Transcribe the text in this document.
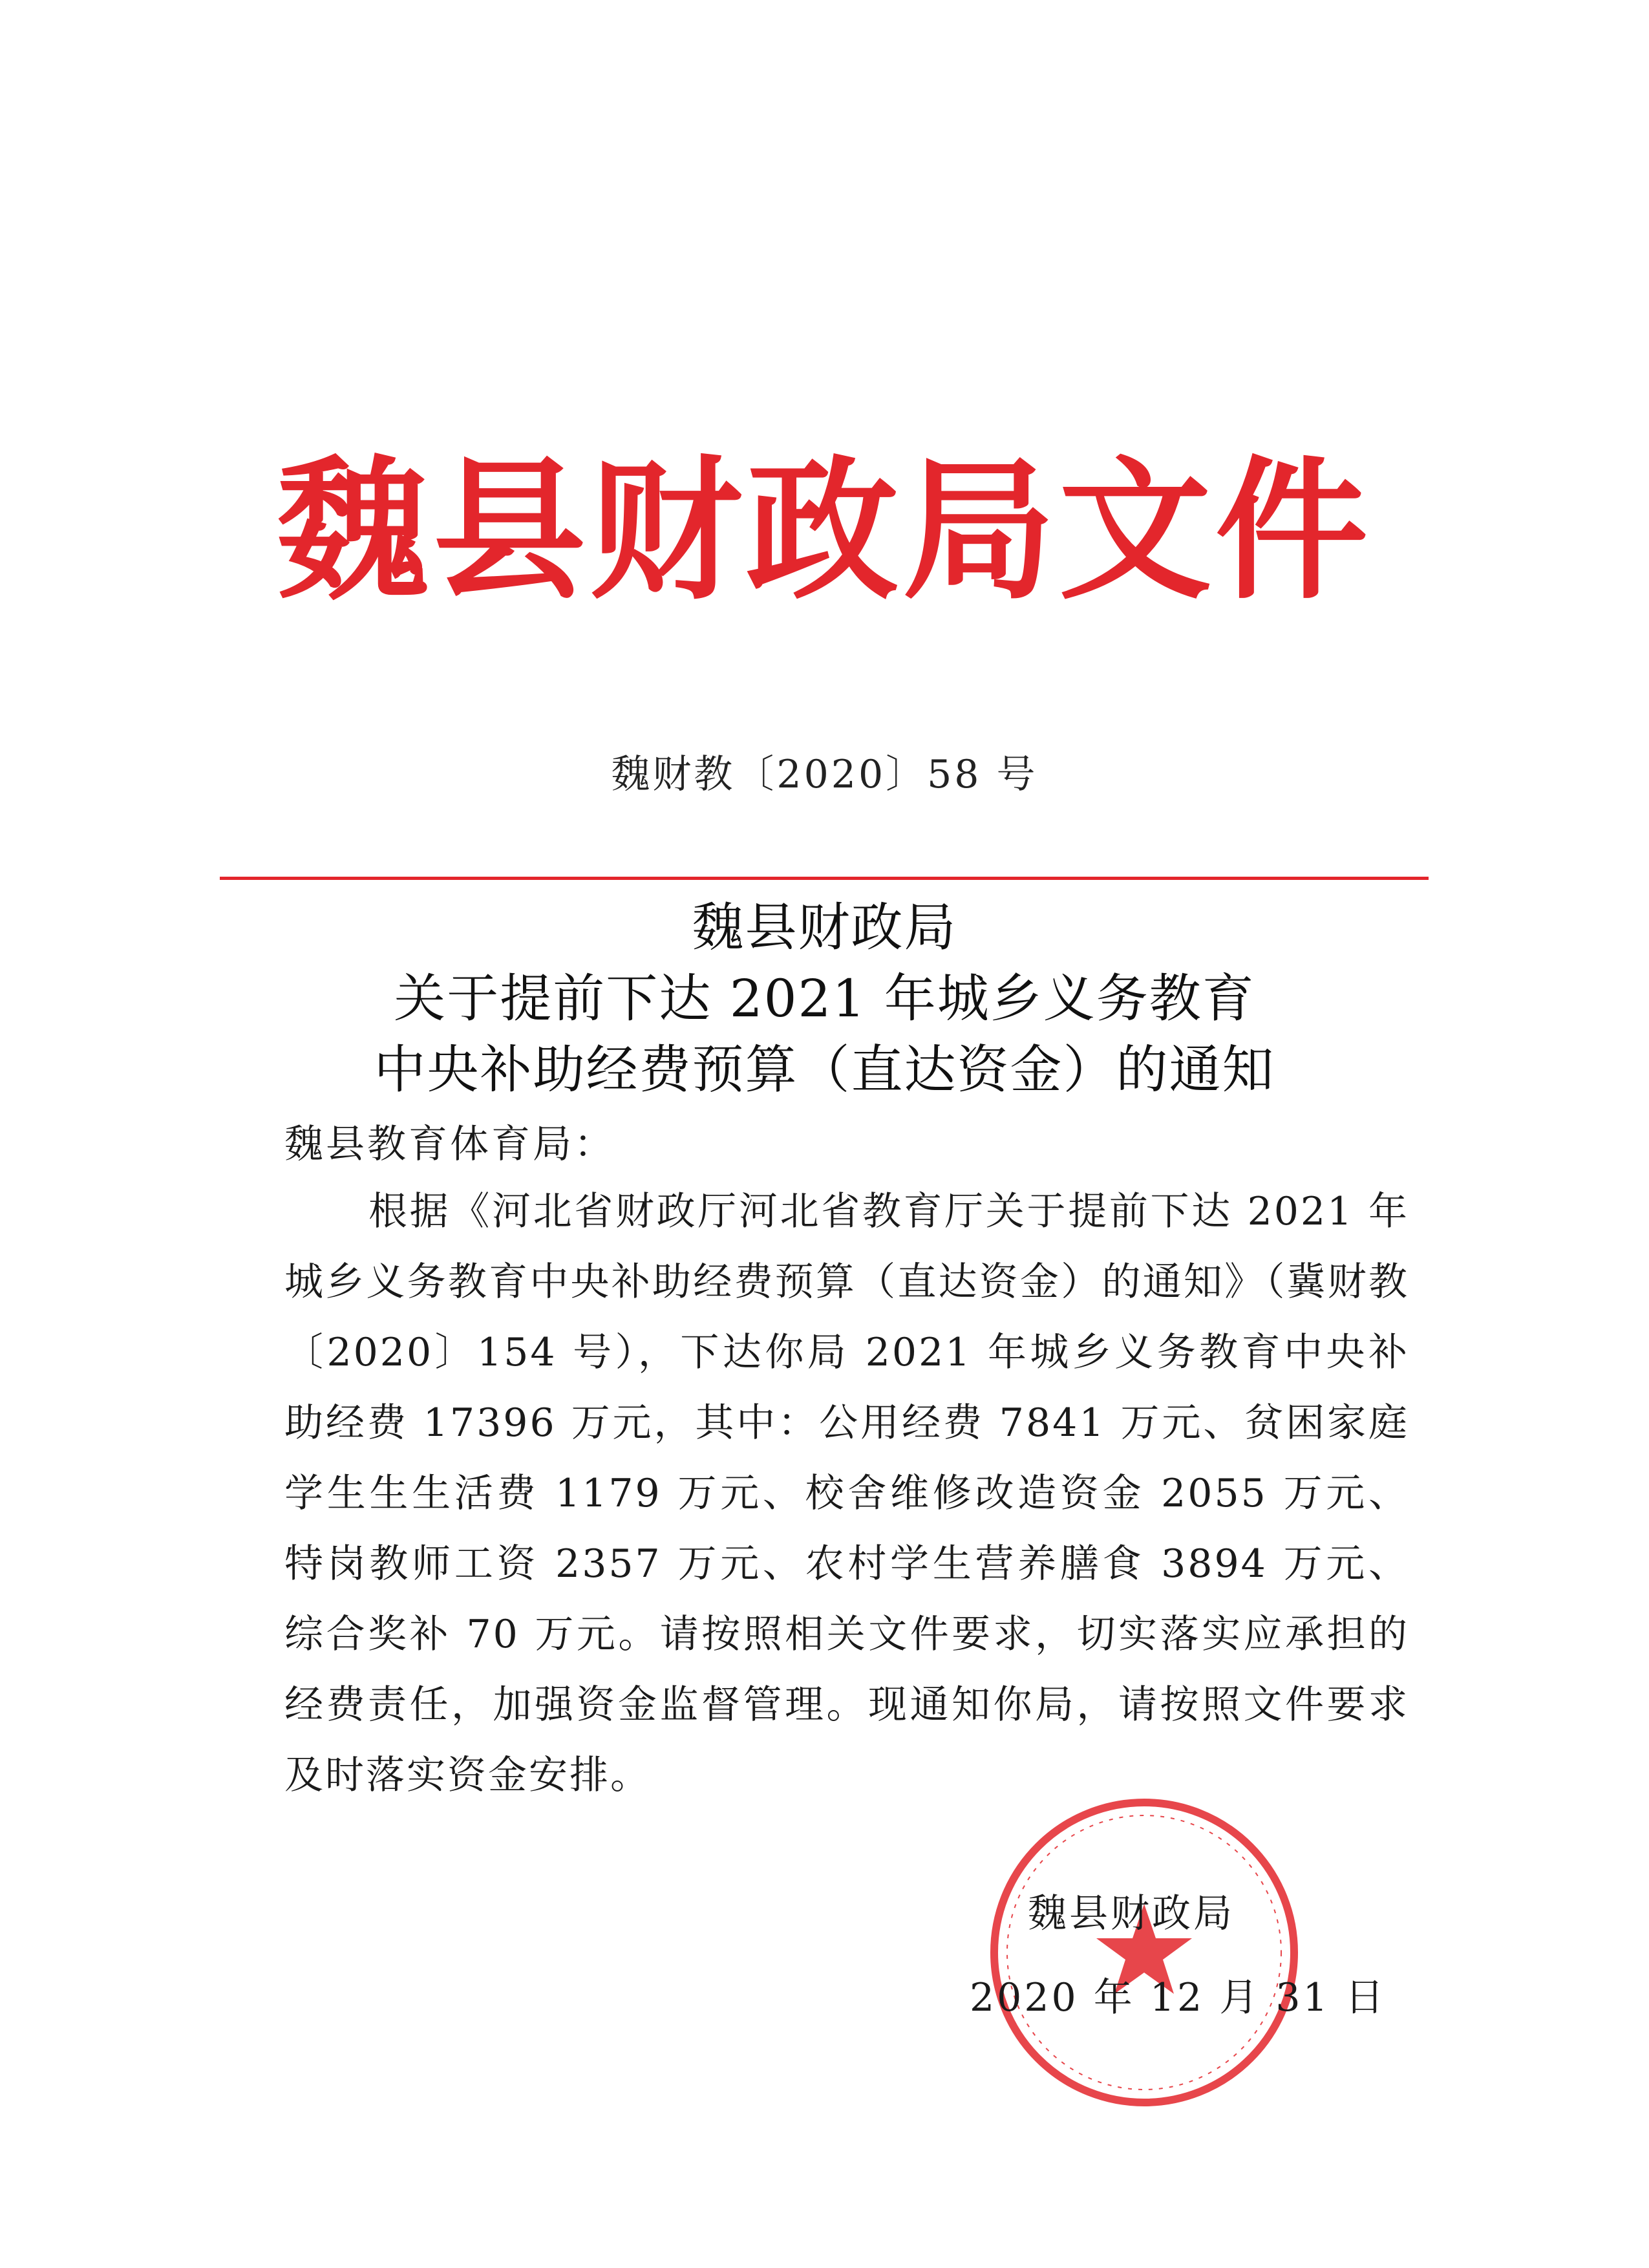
魏县财政局文件
魏财教〔2020〕58 号
魏县财政局
关于提前下达 2021 年城乡义务教育
中央补助经费预算（直达资金）的通知
魏县教育体育局：

根据《河北省财政厅河北省教育厅关于提前下达 2021 年城乡义务教育中央补助经费预算（直达资金）的通知》（冀财教〔2020〕154 号），下达你局 2021 年城乡义务教育中央补助经费 17396 万元，其中：公用经费 7841 万元、贫困家庭学生生生活费 1179 万元、校舍维修改造资金 2055 万元、特岗教师工资 2357 万元、农村学生营养膳食 3894 万元、综合奖补 70 万元。请按照相关文件要求，切实落实应承担的经费责任，加强资金监督管理。现通知你局，请按照文件要求及时落实资金安排。

魏县财政局
2020 年 12 月 31 日
